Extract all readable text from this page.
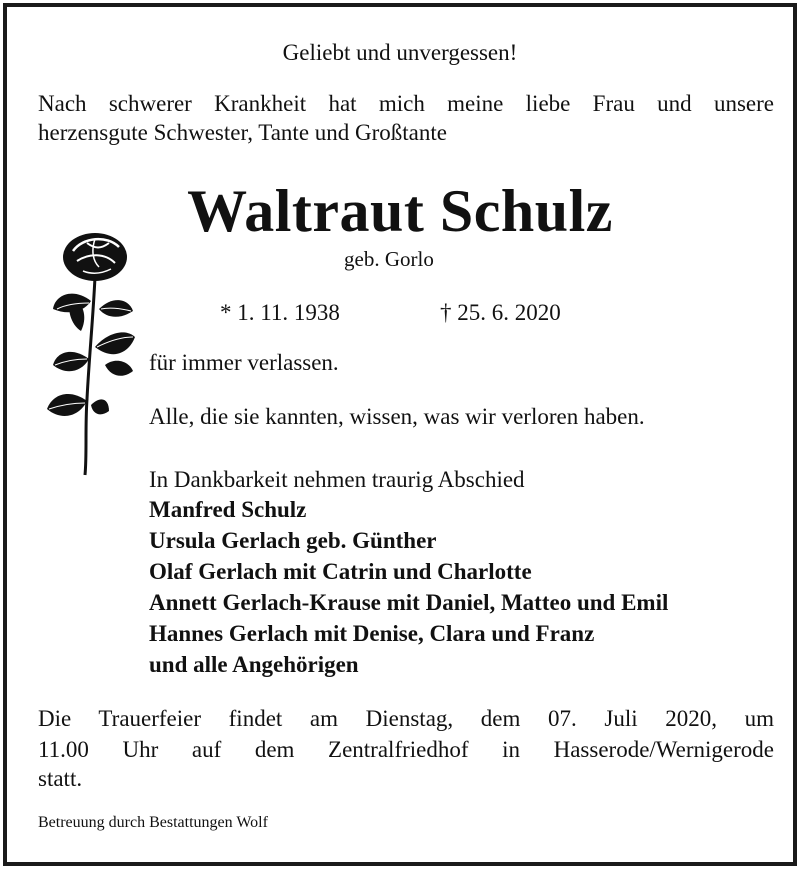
Geliebt und unvergessen!
Nach schwerer Krankheit hat mich meine liebe Frau und unsere
herzensgute Schwester, Tante und Großtante
Waltraut Schulz
geb. Gorlo
* 1. 11. 1938	† 25. 6. 2020
für immer verlassen.
Alle, die sie kannten, wissen, was wir verloren haben.
In Dankbarkeit nehmen traurig Abschied
Manfred Schulz
Ursula Gerlach geb. Günther
Olaf Gerlach mit Catrin und Charlotte
Annett Gerlach-Krause mit Daniel, Matteo und Emil
Hannes Gerlach mit Denise, Clara und Franz
und alle Angehörigen
Die Trauerfeier findet am Dienstag, dem 07. Juli 2020, um
11.00 Uhr auf dem Zentralfriedhof in Hasserode/Wernigerode
statt.
Betreuung durch Bestattungen Wolf
